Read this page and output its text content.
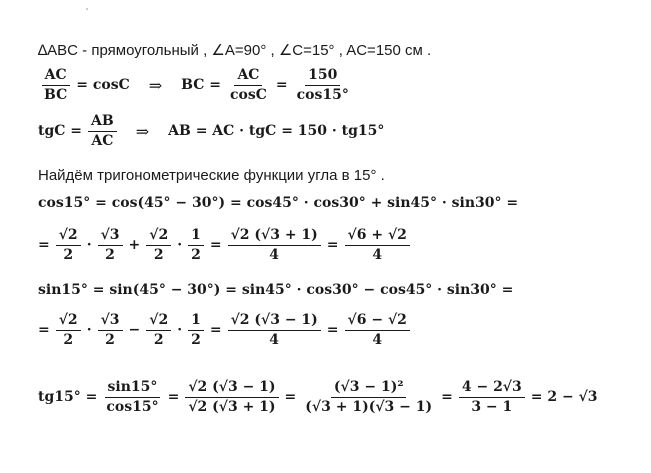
∆ABC - прямоугольный , ∠A=90° , ∠C=15° , AC=150 см .
$\frac{AC}{BC} = \cos C$	⇒	BC = $\frac{AC}{\cos C} = \frac{150}{\cos 15^\circ}$
tgC = $\frac{AB}{AC}$	⇒	AB = AC · tgC = 150 · tg15°
Найдём тригонометрические функции угла в 15° .
cos15° = cos(45° − 30°) = cos45° · cos30° + sin45° · sin30° =
= $\frac{√2}{2} \cdot \frac{√3}{2} + \frac{√2}{2} \cdot \frac{1}{2} = \frac{√2 (√3 + 1)}{4} = \frac{√6 + √2}{4}$
sin15° = sin(45° − 30°) = sin45° · cos30° − cos45° · sin30° =
= $\frac{√2}{2} \cdot \frac{√3}{2} - \frac{√2}{2} \cdot \frac{1}{2} = \frac{√2 (√3 - 1)}{4} = \frac{√6 - √2}{4}$
$tg15^\circ = \frac{\sin 15^\circ}{\cos 15^\circ} = \frac{√2 (√3 - 1)}{√2 (√3 + 1)} = \frac{\text{(√3 − 1)²}}{(√3 + 1)(√3 - 1)} = \frac{4 - 2√3}{3 - 1} = 2 - √3$
